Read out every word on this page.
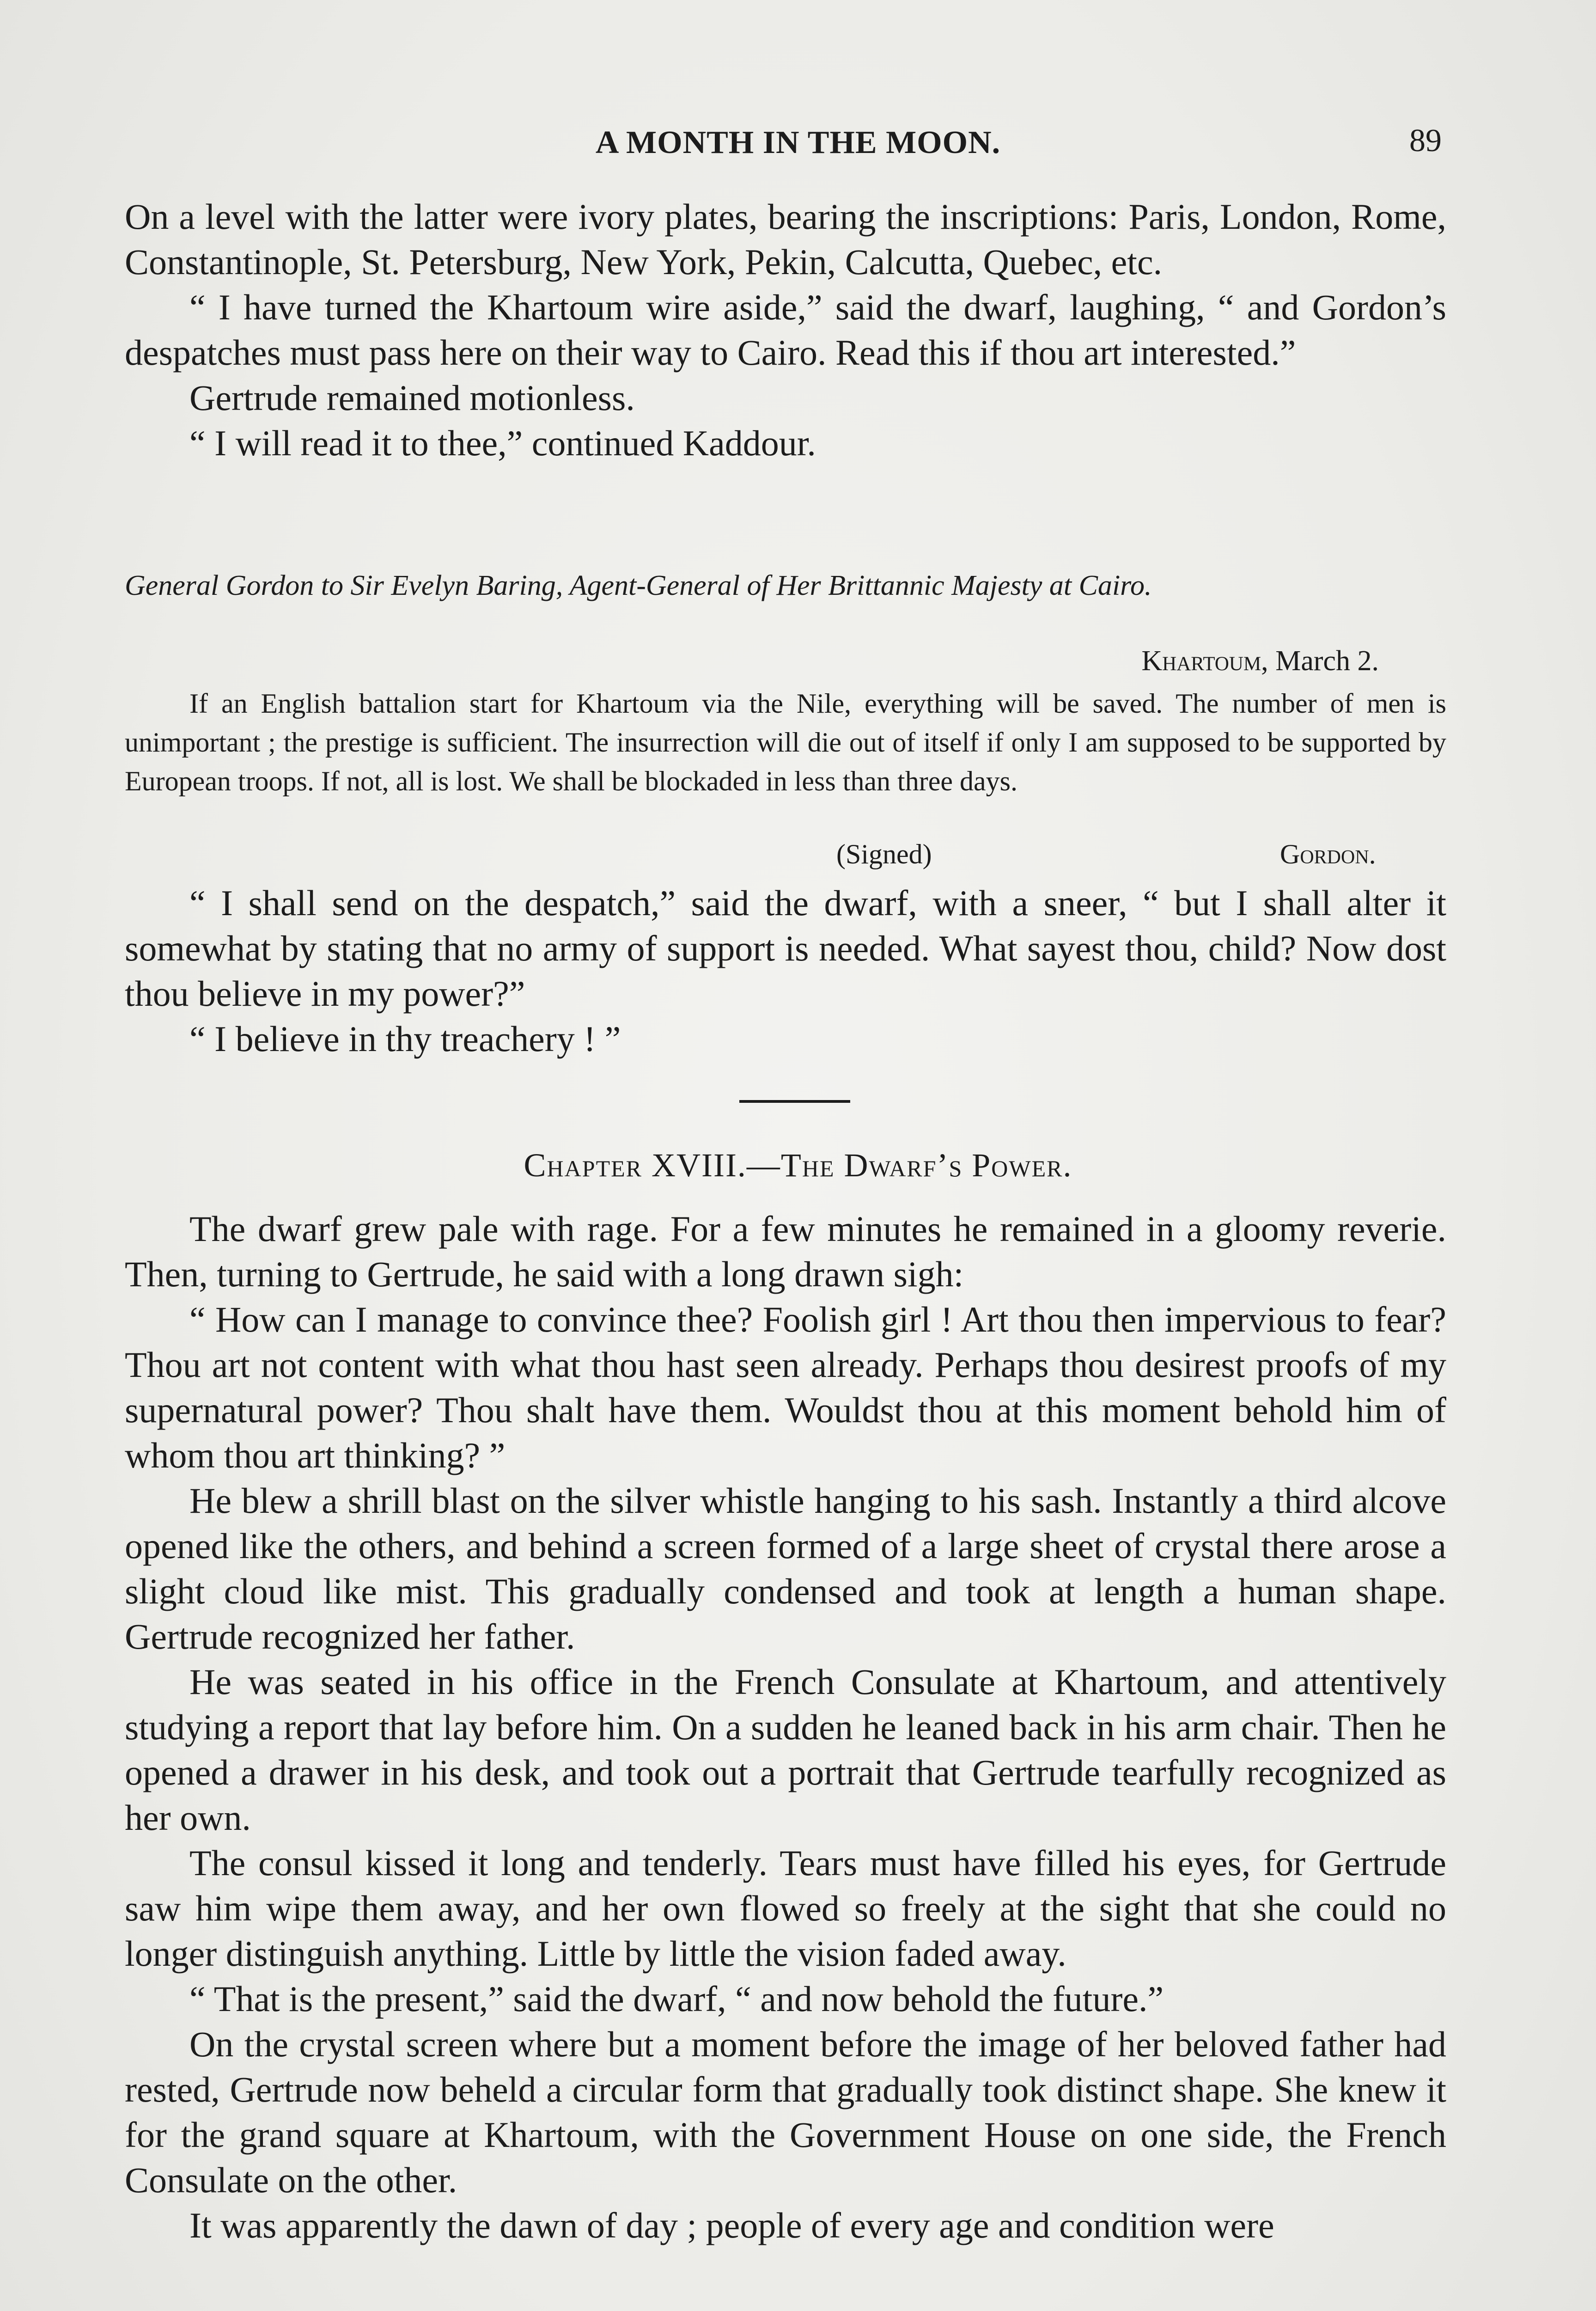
A MONTH IN THE MOON.	89

On a level with the latter were ivory plates, bearing the inscriptions: Paris, London, Rome, Constantinople, St. Petersburg, New York, Pekin, Calcutta, Quebec, etc.

“ I have turned the Khartoum wire aside,” said the dwarf, laughing, “ and Gordon’s despatches must pass here on their way to Cairo. Read this if thou art interested.”

Gertrude remained motionless.

“ I will read it to thee,” continued Kaddour.

General Gordon to Sir Evelyn Baring, Agent-General of Her Brittannic Majesty at Cairo.
Khartoum, March 2.

If an English battalion start for Khartoum via the Nile, everything will be saved. The number of men is unimportant ; the prestige is sufficient. The insurrection will die out of itself if only I am supposed to be supported by European troops. If not, all is lost. We shall be blockaded in less than three days.

(Signed)	Gordon.

“ I shall send on the despatch,” said the dwarf, with a sneer, “ but I shall alter it somewhat by stating that no army of support is needed. What sayest thou, child? Now dost thou believe in my power?”

“ I believe in thy treachery ! ”

Chapter XVIII.—The Dwarf’s Power.

The dwarf grew pale with rage. For a few minutes he remained in a gloomy reverie. Then, turning to Gertrude, he said with a long drawn sigh:

“ How can I manage to convince thee? Foolish girl ! Art thou then impervious to fear? Thou art not content with what thou hast seen already. Perhaps thou desirest proofs of my supernatural power? Thou shalt have them. Wouldst thou at this moment behold him of whom thou art thinking? ”

He blew a shrill blast on the silver whistle hanging to his sash. Instantly a third alcove opened like the others, and behind a screen formed of a large sheet of crystal there arose a slight cloud like mist. This gradually condensed and took at length a human shape. Gertrude recognized her father.

He was seated in his office in the French Consulate at Khartoum, and attentively studying a report that lay before him. On a sudden he leaned back in his arm chair. Then he opened a drawer in his desk, and took out a portrait that Gertrude tearfully recognized as her own.

The consul kissed it long and tenderly. Tears must have filled his eyes, for Gertrude saw him wipe them away, and her own flowed so freely at the sight that she could no longer distinguish anything. Little by little the vision faded away.

“ That is the present,” said the dwarf, “ and now behold the future.”

On the crystal screen where but a moment before the image of her beloved father had rested, Gertrude now beheld a circular form that gradually took distinct shape. She knew it for the grand square at Khartoum, with the Government House on one side, the French Consulate on the other.

It was apparently the dawn of day ; people of every age and condition were
